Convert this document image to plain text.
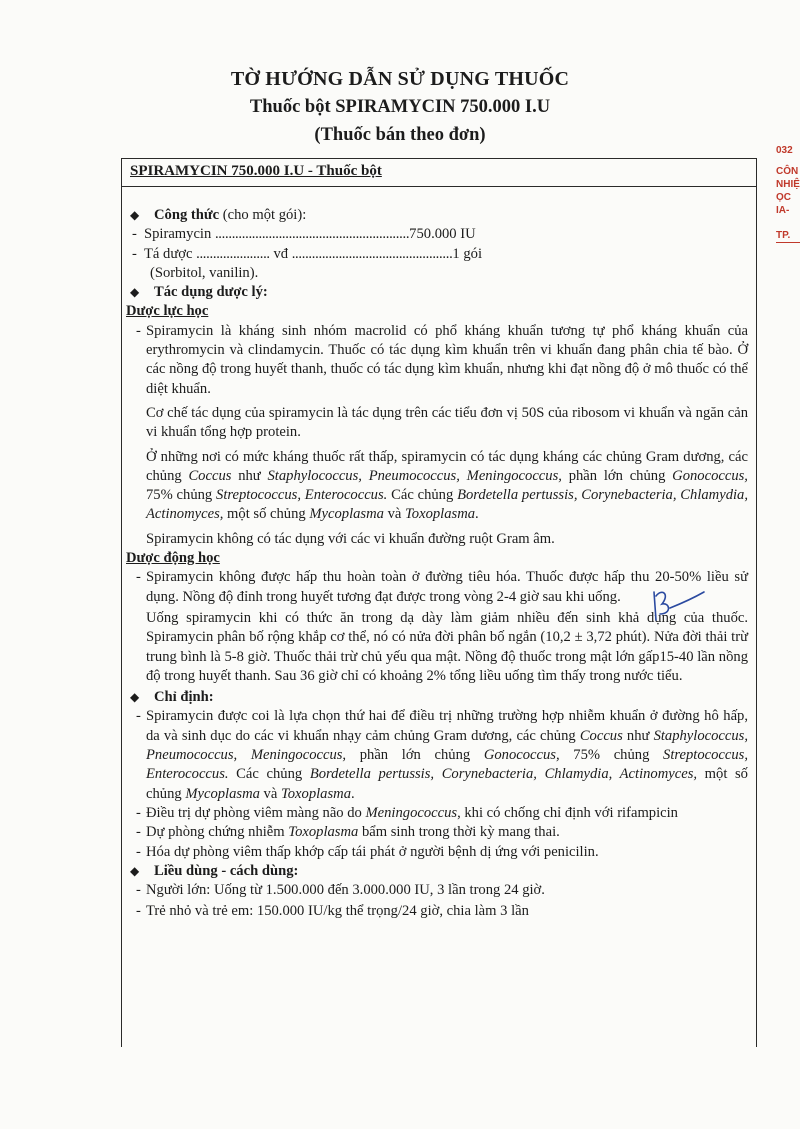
TỜ HƯỚNG DẪN SỬ DỤNG THUỐC
Thuốc bột SPIRAMYCIN 750.000 I.U
(Thuốc bán theo đơn)
032
CÔN
NHIỆ
ỌC
IA-
TP.
SPIRAMYCIN 750.000 I.U - Thuốc bột
◆ Công thức (cho một gói):
- Spiramycin ..........................................................750.000 IU
- Tá dược ...................... vđ ................................................1 gói
(Sorbitol, vanilin).
◆ Tác dụng dược lý:
Dược lực học
- Spiramycin là kháng sinh nhóm macrolid có phổ kháng khuẩn tương tự phổ kháng khuẩn của erythromycin và clindamycin. Thuốc có tác dụng kìm khuẩn trên vi khuẩn đang phân chia tế bào. Ở các nồng độ trong huyết thanh, thuốc có tác dụng kìm khuẩn, nhưng khi đạt nồng độ ở mô thuốc có thể diệt khuẩn.
Cơ chế tác dụng của spiramycin là tác dụng trên các tiểu đơn vị 50S của ribosom vi khuẩn và ngăn cản vi khuẩn tổng hợp protein.
Ở những nơi có mức kháng thuốc rất thấp, spiramycin có tác dụng kháng các chủng Gram dương, các chủng Coccus như Staphylococcus, Pneumococcus, Meningococcus, phần lớn chủng Gonococcus, 75% chủng Streptococcus, Enterococcus. Các chủng Bordetella pertussis, Corynebacteria, Chlamydia, Actinomyces, một số chủng Mycoplasma và Toxoplasma.
Spiramycin không có tác dụng với các vi khuẩn đường ruột Gram âm.
Dược động học
- Spiramycin không được hấp thu hoàn toàn ở đường tiêu hóa. Thuốc được hấp thu 20-50% liều sử dụng. Nồng độ đỉnh trong huyết tương đạt được trong vòng 2-4 giờ sau khi uống.
Uống spiramycin khi có thức ăn trong dạ dày làm giảm nhiều đến sinh khả dụng của thuốc. Spiramycin phân bố rộng khắp cơ thể, nó có nửa đời phân bố ngắn (10,2 ± 3,72 phút). Nửa đời thải trừ trung bình là 5-8 giờ. Thuốc thải trừ chủ yếu qua mật. Nồng độ thuốc trong mật lớn gấp15-40 lần nồng độ trong huyết thanh. Sau 36 giờ chỉ có khoảng 2% tổng liều uống tìm thấy trong nước tiểu.
◆ Chỉ định:
- Spiramycin được coi là lựa chọn thứ hai để điều trị những trường hợp nhiễm khuẩn ở đường hô hấp, da và sinh dục do các vi khuẩn nhạy cảm chủng Gram dương, các chủng Coccus như Staphylococcus, Pneumococcus, Meningococcus, phần lớn chủng Gonococcus, 75% chủng Streptococcus, Enterococcus. Các chủng Bordetella pertussis, Corynebacteria, Chlamydia, Actinomyces, một số chủng Mycoplasma và Toxoplasma.
- Điều trị dự phòng viêm màng não do Meningococcus, khi có chống chỉ định với rifampicin
- Dự phòng chứng nhiễm Toxoplasma bẩm sinh trong thời kỳ mang thai.
- Hóa dự phòng viêm thấp khớp cấp tái phát ở người bệnh dị ứng với penicilin.
◆ Liều dùng - cách dùng:
- Người lớn: Uống từ 1.500.000 đến 3.000.000 IU, 3 lần trong 24 giờ.
- Trẻ nhỏ và trẻ em: 150.000 IU/kg thể trọng/24 giờ, chia làm 3 lần
